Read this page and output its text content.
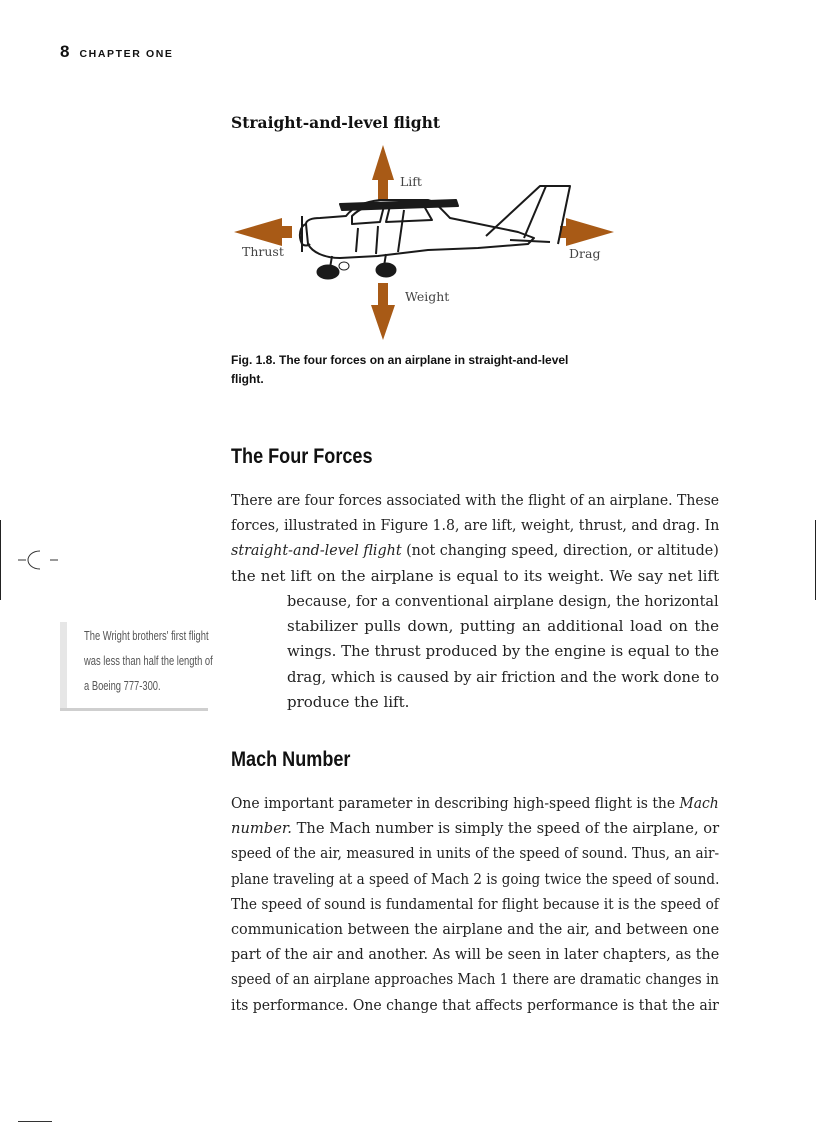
8 CHAPTER ONE
Straight-and-level flight
Lift
Thrust	Drag
Weight

Fig. 1.8. The four forces on an airplane in straight-and-level
flight.

The Four Forces
There are four forces associated with the flight of an airplane. These
forces, illustrated in Figure 1.8, are lift, weight, thrust, and drag. In
straight-and-level flight (not changing speed, direction, or altitude)
the net lift on the airplane is equal to its weight. We say net lift
because, for a conventional airplane design, the horizontal
stabilizer pulls down, putting an additional load on the
wings. The thrust produced by the engine is equal to the
drag, which is caused by air friction and the work done to
produce the lift.

The Wright brothers' first flight
was less than half the length of
a Boeing 777-300.

Mach Number
One important parameter in describing high-speed flight is the Mach
number. The Mach number is simply the speed of the airplane, or
speed of the air, measured in units of the speed of sound. Thus, an air-
plane traveling at a speed of Mach 2 is going twice the speed of sound.
The speed of sound is fundamental for flight because it is the speed of
communication between the airplane and the air, and between one
part of the air and another. As will be seen in later chapters, as the
speed of an airplane approaches Mach 1 there are dramatic changes in
its performance. One change that affects performance is that the air
